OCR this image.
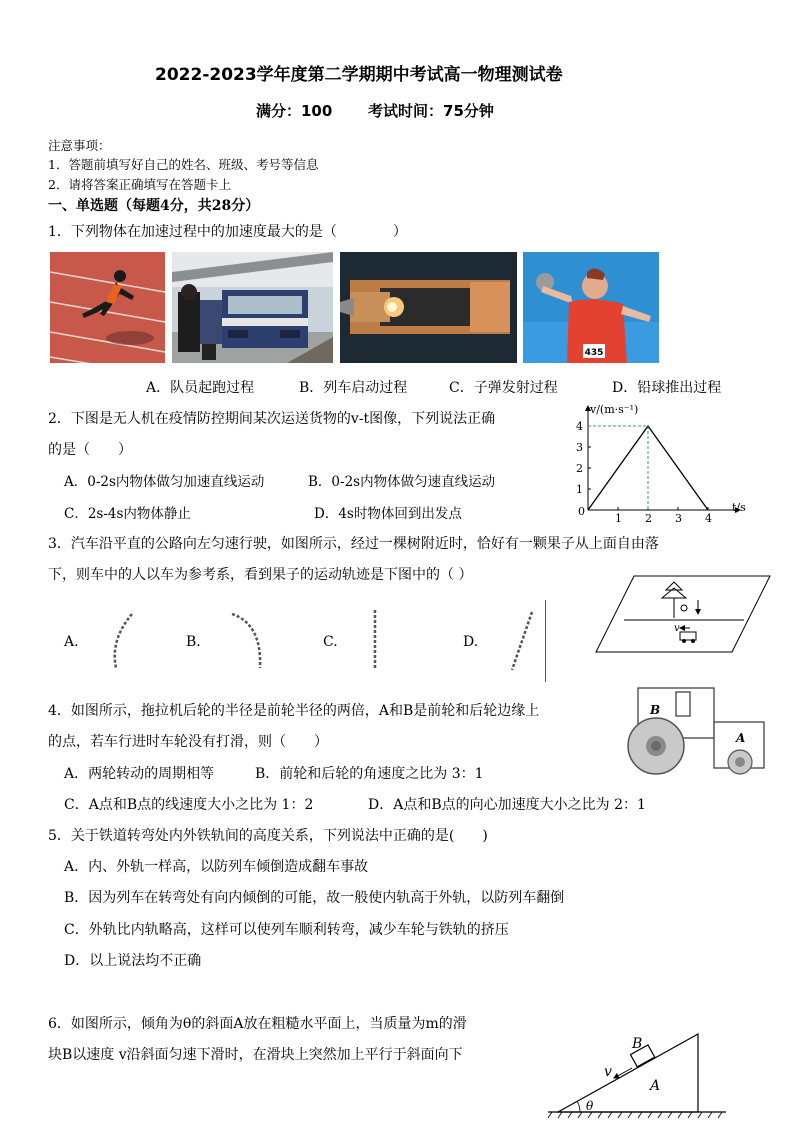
2022-2023学年度第二学期期中考试高一物理测试卷
满分：100 考试时间：75分钟
注意事项：
1．答题前填写好自己的姓名、班级、考号等信息
2．请将答案正确填写在答题卡上
一、单选题（每题4分，共28分）
1．下列物体在加速过程中的加速度最大的是（　　　　）
435
A．队员起跑过程	B．列车启动过程	C．子弹发射过程	D．铅球推出过程
2．下图是无人机在疫情防控期间某次运送货物的v-t图像，下列说法正确
的是（　　）
A．0-2s内物体做匀加速直线运动	B．0-2s内物体做匀速直线运动
C．2s-4s内物体静止	D．4s时物体回到出发点
v/(m·s⁻¹)
t/s
0
1 2 3 4
1
2
3
4
3．汽车沿平直的公路向左匀速行驶，如图所示，经过一棵树附近时，恰好有一颗果子从上面自由落
下，则车中的人以车为参考系，看到果子的运动轨迹是下图中的（ ）
A.	B.	C.	D.
v
4．如图所示，拖拉机后轮的半径是前轮半径的两倍，A和B是前轮和后轮边缘上
的点，若车行进时车轮没有打滑，则（　　）
A．两轮转动的周期相等	B．前轮和后轮的角速度之比为 3：1
C．A点和B点的线速度大小之比为 1：2	D．A点和B点的向心加速度大小之比为 2：1
B
A
5．关于铁道转弯处内外铁轨间的高度关系，下列说法中正确的是(　　)
A．内、外轨一样高，以防列车倾倒造成翻车事故
B．因为列车在转弯处有向内倾倒的可能，故一般使内轨高于外轨，以防列车翻倒
C．外轨比内轨略高，这样可以使列车顺利转弯，减少车轮与铁轨的挤压
D．以上说法均不正确
6．如图所示，倾角为θ的斜面A放在粗糙水平面上，当质量为m的滑
块B以速度 v沿斜面匀速下滑时，在滑块上突然加上平行于斜面向下
B
A
v
θ
